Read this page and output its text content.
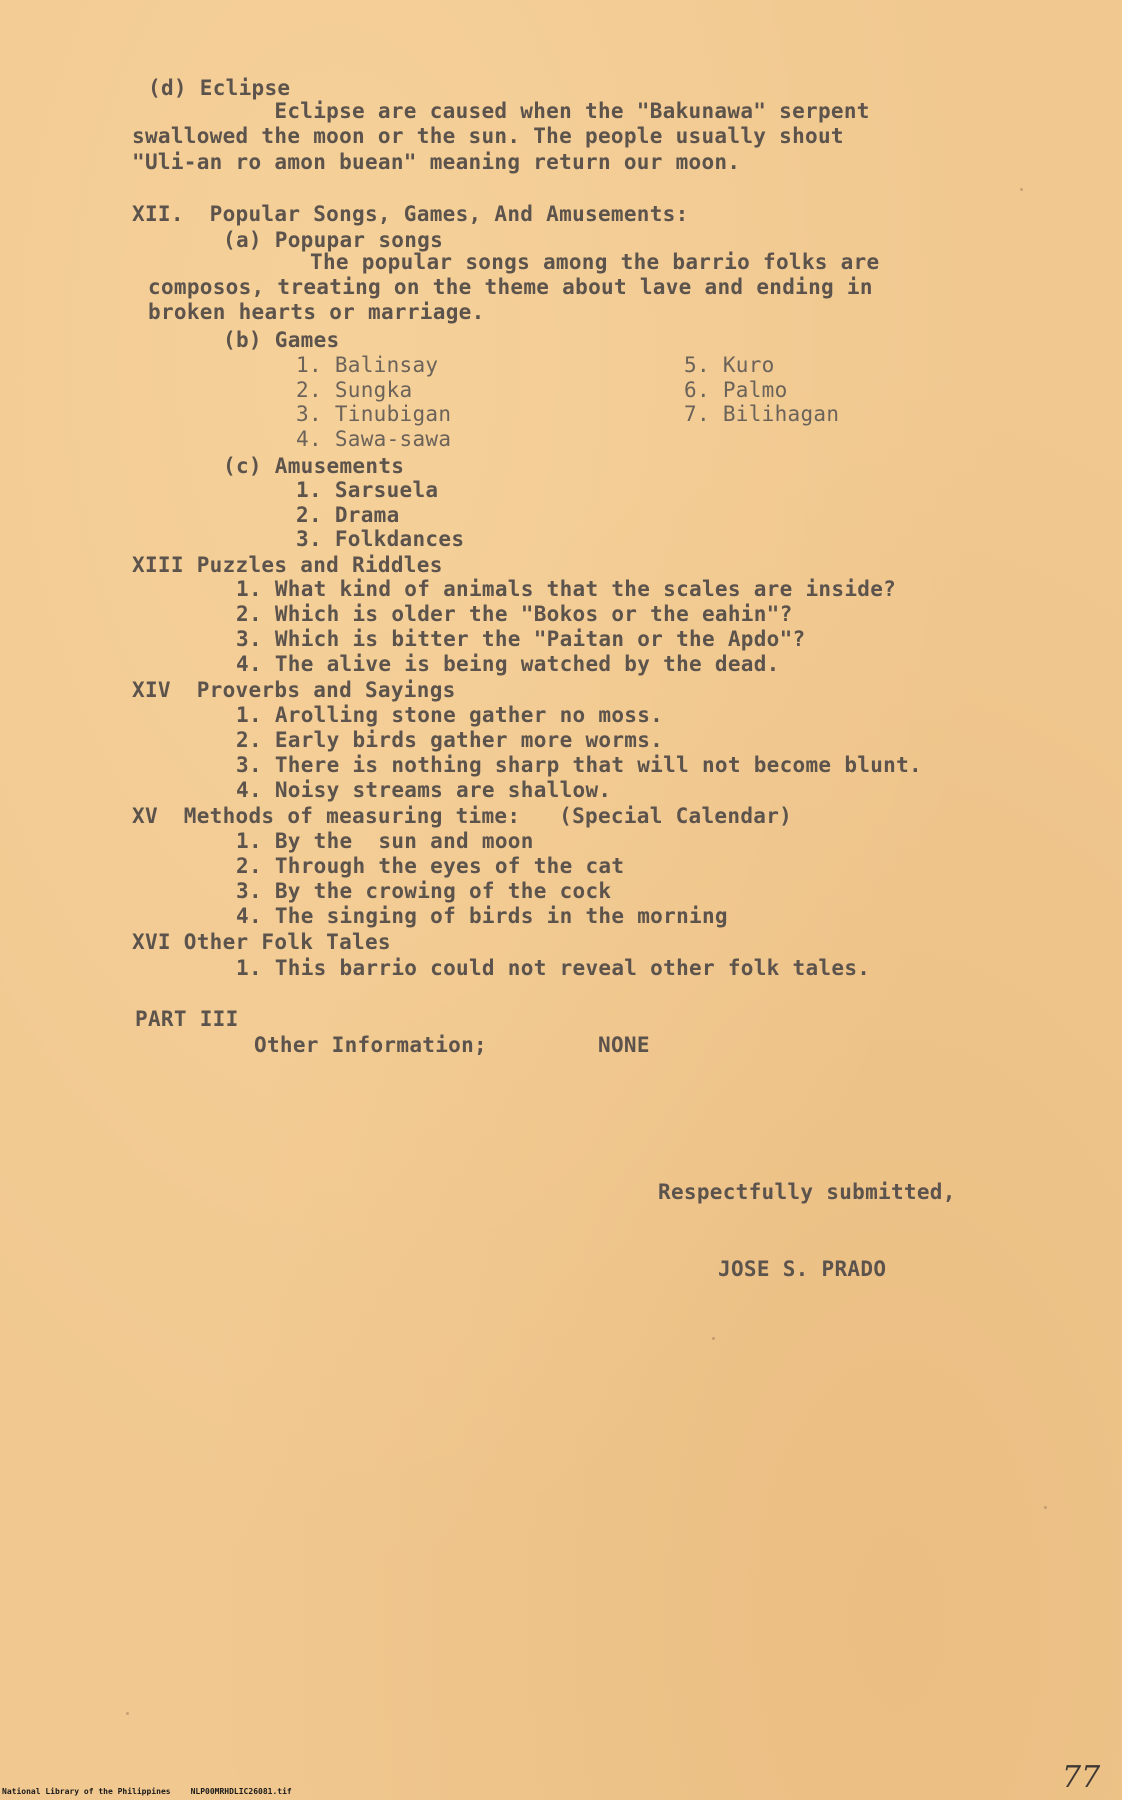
(d) Eclipse
Eclipse are caused when the "Bakunawa" serpent
swallowed the moon or the sun. The people usually shout
"Uli-an ro amon buean" meaning return our moon.
XII.  Popular Songs, Games, And Amusements:
(a) Popupar songs
The popular songs among the barrio folks are
composos, treating on the theme about lave and ending in
broken hearts or marriage.
(b) Games
1. Balinsay
2. Sungka
3. Tinubigan
4. Sawa-sawa
5. Kuro
6. Palmo
7. Bilihagan
(c) Amusements
1. Sarsuela
2. Drama
3. Folkdances
XIII Puzzles and Riddles
1. What kind of animals that the scales are inside?
2. Which is older the "Bokos or the eahin"?
3. Which is bitter the "Paitan or the Apdo"?
4. The alive is being watched by the dead.
XIV  Proverbs and Sayings
1. Arolling stone gather no moss.
2. Early birds gather more worms.
3. There is nothing sharp that will not become blunt.
4. Noisy streams are shallow.
XV  Methods of measuring time:   (Special Calendar)
1. By the  sun and moon
2. Through the eyes of the cat
3. By the crowing of the cock
4. The singing of birds in the morning
XVI Other Folk Tales
1. This barrio could not reveal other folk tales.
PART III
Other Information;	NONE
Respectfully submitted,
JOSE S. PRADO
National Library of the Philippines	NLP00MRHDLIC26081.tif	77
